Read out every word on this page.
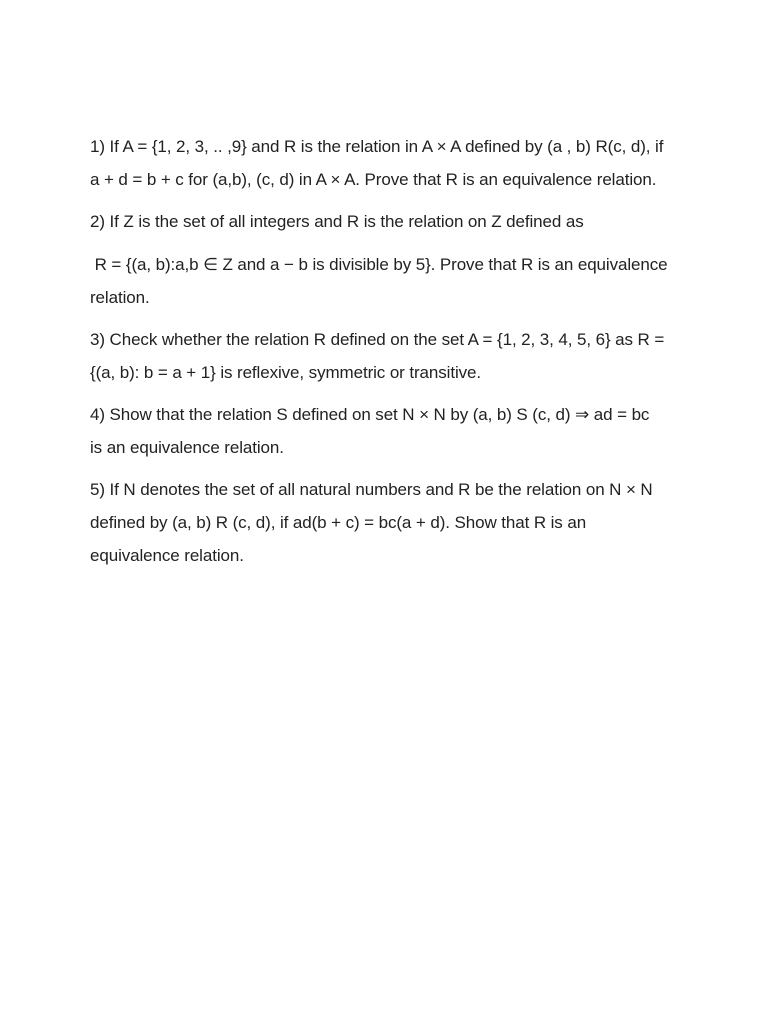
1) If A = {1, 2, 3, .. ,9} and R is the relation in A × A defined by (a , b) R(c, d), if
a + d = b + c for (a,b), (c, d) in A × A. Prove that R is an equivalence relation.
2) If Z is the set of all integers and R is the relation on Z defined as
R = {(a, b):a,b ∈ Z and a − b is divisible by 5}. Prove that R is an equivalence
relation.
3) Check whether the relation R defined on the set A = {1, 2, 3, 4, 5, 6} as R =
{(a, b): b = a + 1} is reflexive, symmetric or transitive.
4) Show that the relation S defined on set N × N by (a, b) S (c, d) ⇒ ad = bc
is an equivalence relation.
5) If N denotes the set of all natural numbers and R be the relation on N × N
defined by (a, b) R (c, d), if ad(b + c) = bc(a + d). Show that R is an
equivalence relation.
